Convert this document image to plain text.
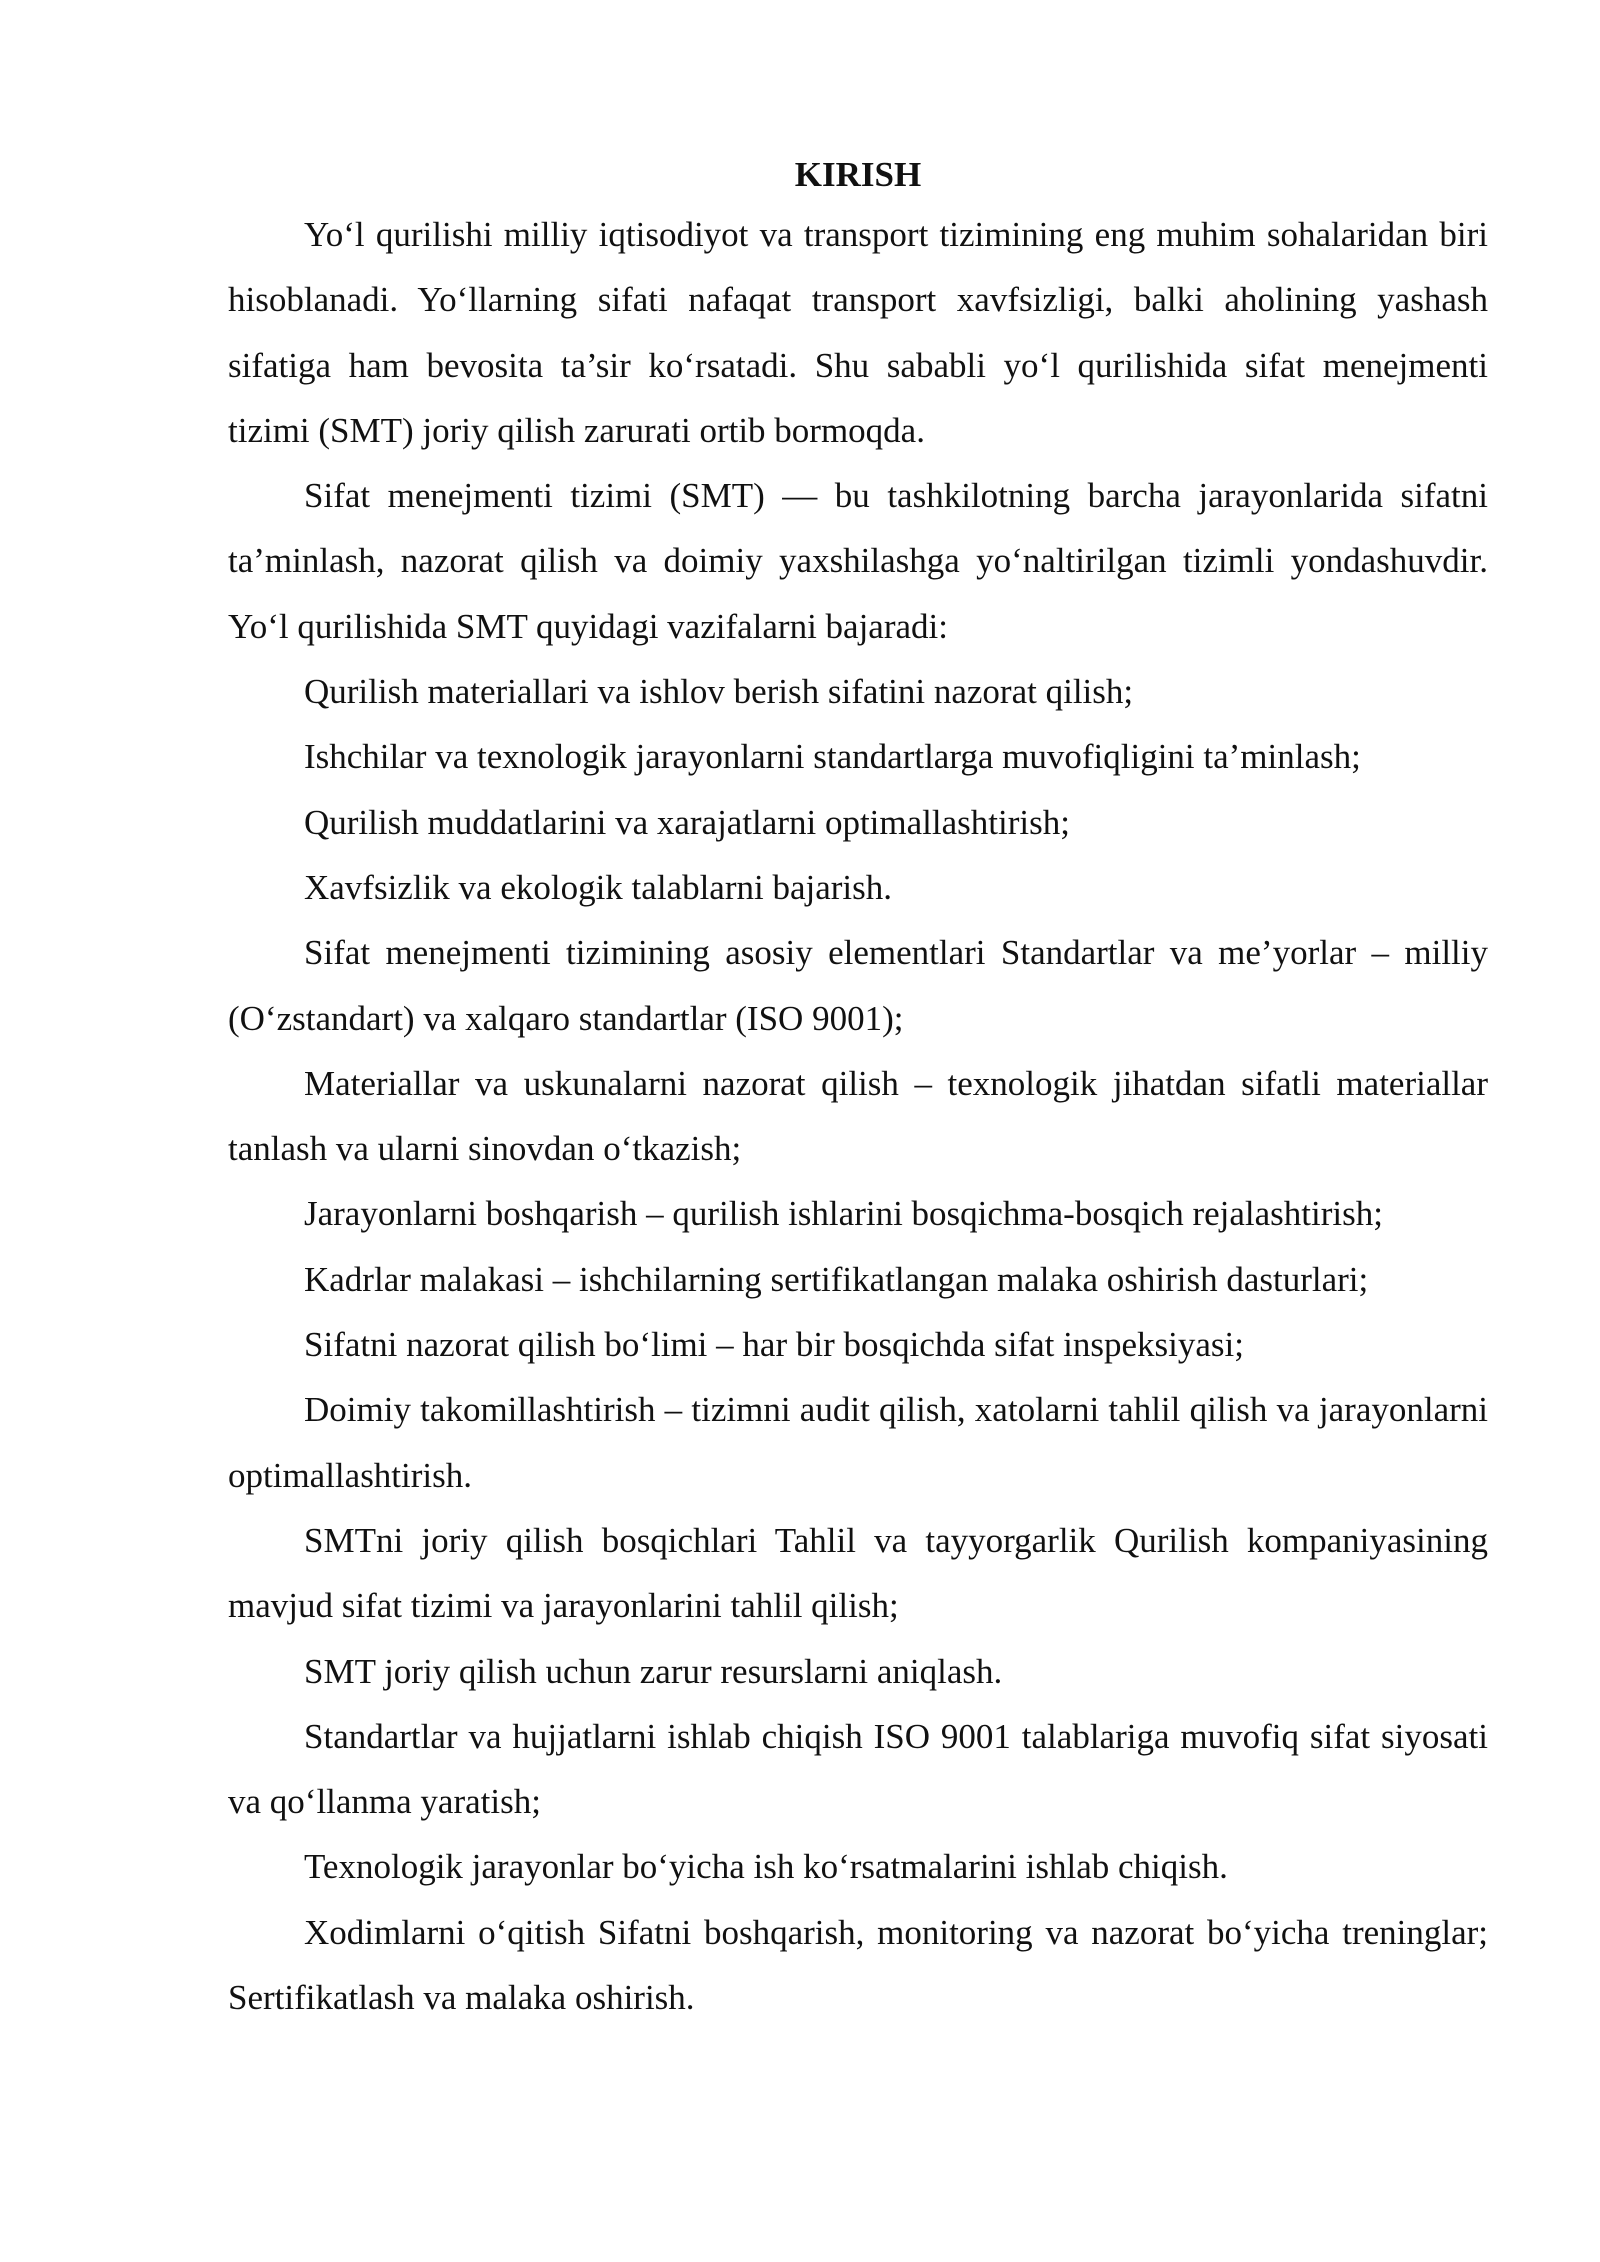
KIRISH

Yo‘l qurilishi milliy iqtisodiyot va transport tizimining eng muhim sohalaridan biri hisoblanadi. Yo‘llarning sifati nafaqat transport xavfsizligi, balki aholining yashash sifatiga ham bevosita ta’sir ko‘rsatadi. Shu sababli yo‘l qurilishida sifat menejmenti tizimi (SMT) joriy qilish zarurati ortib bormoqda.

Sifat menejmenti tizimi (SMT) — bu tashkilotning barcha jarayonlarida sifatni ta’minlash, nazorat qilish va doimiy yaxshilashga yo‘naltirilgan tizimli yondashuvdir. Yo‘l qurilishida SMT quyidagi vazifalarni bajaradi:

Qurilish materiallari va ishlov berish sifatini nazorat qilish;

Ishchilar va texnologik jarayonlarni standartlarga muvofiqligini ta’minlash;

Qurilish muddatlarini va xarajatlarni optimallashtirish;

Xavfsizlik va ekologik talablarni bajarish.

Sifat menejmenti tizimining asosiy elementlari Standartlar va me’yorlar – milliy (O‘zstandart) va xalqaro standartlar (ISO 9001);

Materiallar va uskunalarni nazorat qilish – texnologik jihatdan sifatli materiallar tanlash va ularni sinovdan o‘tkazish;

Jarayonlarni boshqarish – qurilish ishlarini bosqichma-bosqich rejalashtirish;

Kadrlar malakasi – ishchilarning sertifikatlangan malaka oshirish dasturlari;

Sifatni nazorat qilish bo‘limi – har bir bosqichda sifat inspeksiyasi;

Doimiy takomillashtirish – tizimni audit qilish, xatolarni tahlil qilish va jarayonlarni optimallashtirish.

SMTni joriy qilish bosqichlari Tahlil va tayyorgarlik Qurilish kompaniyasining mavjud sifat tizimi va jarayonlarini tahlil qilish;

SMT joriy qilish uchun zarur resurslarni aniqlash.

Standartlar va hujjatlarni ishlab chiqish ISO 9001 talablariga muvofiq sifat siyosati va qo‘llanma yaratish;

Texnologik jarayonlar bo‘yicha ish ko‘rsatmalarini ishlab chiqish.

Xodimlarni o‘qitish Sifatni boshqarish, monitoring va nazorat bo‘yicha treninglar; Sertifikatlash va malaka oshirish.
